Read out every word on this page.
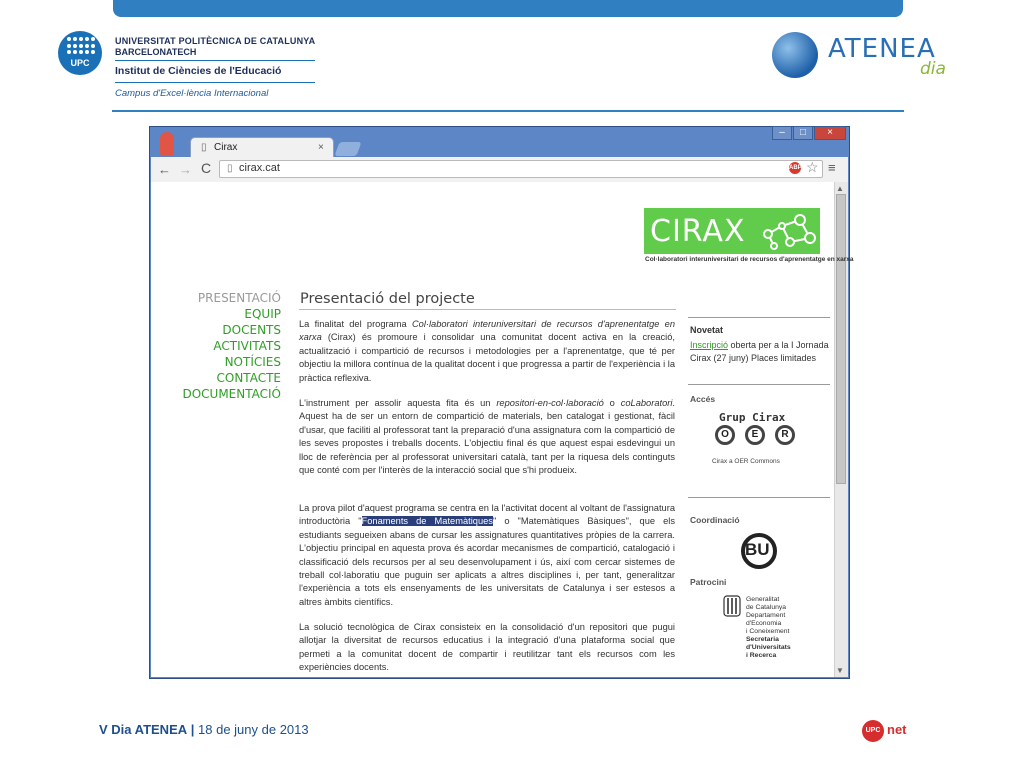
UPC
UNIVERSITAT POLITÈCNICA DE CATALUNYA
BARCELONATECH
Institut de Ciències de l'Educació
Campus d'Excel·lència Internacional
ATENEA
dia
–	□	×
▯ Cirax	×
← → C ▯ cirax.cat	ABP ☆ ≡
▲
▼
CIRAX
Col·laboratori interuniversitari de recursos d'aprenentatge en xarxa
PRESENTACIÓ
EQUIP
DOCENTS
ACTIVITATS
NOTÍCIES
CONTACTE
DOCUMENTACIÓ
Presentació del projecte
La finalitat del programa Col·laboratori interuniversitari de recursos d'aprenentatge en xarxa (Cirax) és promoure i consolidar una comunitat docent activa en la creació, actualització i compartició de recursos i metodologies per a l'aprenentatge, que té per objectiu la millora contínua de la qualitat docent i que progressa a partir de l'experiència i la pràctica reflexiva.
L'instrument per assolir aquesta fita és un repositori-en-col·laboració o coLaboratori. Aquest ha de ser un entorn de compartició de materials, ben catalogat i gestionat, fàcil d'usar, que faciliti al professorat tant la preparació d'una assignatura com la compartició de les seves propostes i treballs docents. L'objectiu final és que aquest espai esdevingui un lloc de referència per al professorat universitari català, tant per la riquesa dels continguts que conté com per l'interès de la interacció social que s'hi produeix.
La prova pilot d'aquest programa se centra en la l'activitat docent al voltant de l'assignatura introductòria "Fonaments de Matemàtiques" o "Matemàtiques Bàsiques", que els estudiants segueixen abans de cursar les assignatures quantitatives pròpies de la carrera. L'objectiu principal en aquesta prova és acordar mecanismes de compartició, catalogació i classificació dels recursos per al seu desenvolupament i ús, així com cercar sistemes de treball col·laboratiu que puguin ser aplicats a altres disciplines i, per tant, generalitzar l'experiència a tots els ensenyaments de les universitats de Catalunya i ser estesos a altres àmbits científics.
La solució tecnològica de Cirax consisteix en la consolidació d'un repositori que pugui allotjar la diversitat de recursos educatius i la integració d'una plataforma social que permeti a la comunitat docent de compartir i reutilitzar tant els recursos com les experiències docents.
Novetat
Inscripció oberta per a la I Jornada Cirax (27 juny) Places limitades
Accés
Grup Cirax
O	E	R
Cirax a OER Commons
Coordinació
BU
Patrocini
Generalitat
de Catalunya
Departament
d'Economia
i Coneixement
Secretaria
d'Universitats
i Recerca
V Dia ATENEA | 18 de juny de 2013	UPC net
